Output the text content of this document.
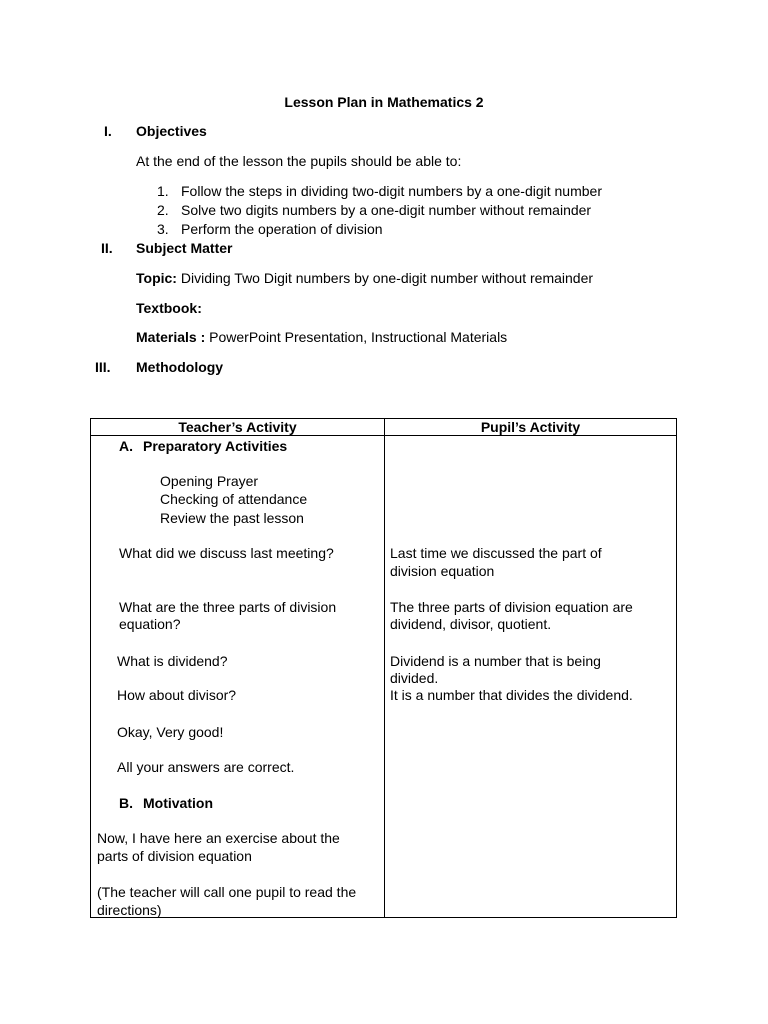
Lesson Plan in Mathematics 2
I. Objectives
At the end of the lesson the pupils should be able to:
1. Follow the steps in dividing two-digit numbers by a one-digit number
2. Solve two digits numbers by a one-digit number without remainder
3. Perform the operation of division
II. Subject Matter
Topic: Dividing Two Digit numbers by one-digit number without remainder
Textbook:
Materials : PowerPoint Presentation, Instructional Materials
III. Methodology
Teacher’s Activity	Pupil’s Activity
A. Preparatory Activities
Opening Prayer
Checking of attendance
Review the past lesson
What did we discuss last meeting?
What are the three parts of division
equation?
What is dividend?
How about divisor?
Okay, Very good!
All your answers are correct.
B. Motivation
Now, I have here an exercise about the
parts of division equation
(The teacher will call one pupil to read the
directions)
Last time we discussed the part of
division equation
The three parts of division equation are
dividend, divisor, quotient.
Dividend is a number that is being
divided.
It is a number that divides the dividend.
